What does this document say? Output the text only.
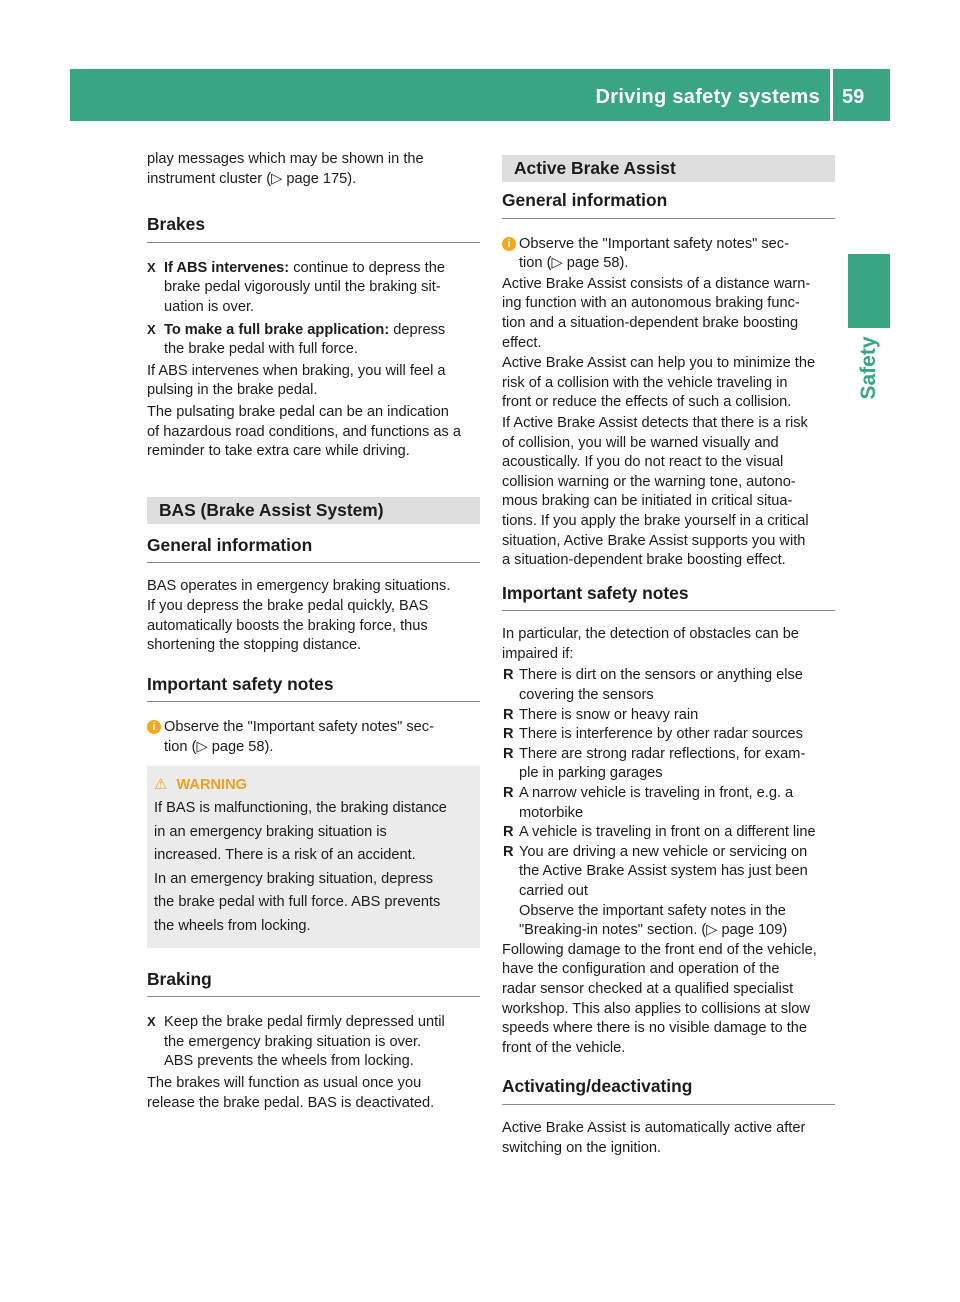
Driving safety systems 59
Safety

play messages which may be shown in the

instrument cluster (▷ page 175).

Brakes
X If ABS intervenes: continue to depress the

brake pedal vigorously until the braking sit-

uation is over.

X To make a full brake application: depress

the brake pedal with full force.

If ABS intervenes when braking, you will feel a

pulsing in the brake pedal.

The pulsating brake pedal can be an indication

of hazardous road conditions, and functions as a

reminder to take extra care while driving.

BAS (Brake Assist System)
General information

BAS operates in emergency braking situations.

If you depress the brake pedal quickly, BAS

automatically boosts the braking force, thus

shortening the stopping distance.

Important safety notes
i Observe the "Important safety notes" sec-

tion (▷ page 58).

⚠ WARNING

If BAS is malfunctioning, the braking distance

in an emergency braking situation is

increased. There is a risk of an accident.

In an emergency braking situation, depress

the brake pedal with full force. ABS prevents

the wheels from locking.

Braking
X Keep the brake pedal firmly depressed until

the emergency braking situation is over.

ABS prevents the wheels from locking.

The brakes will function as usual once you

release the brake pedal. BAS is deactivated.

Active Brake Assist
General information
i Observe the "Important safety notes" sec-

tion (▷ page 58).

Active Brake Assist consists of a distance warn-

ing function with an autonomous braking func-

tion and a situation-dependent brake boosting

effect.

Active Brake Assist can help you to minimize the

risk of a collision with the vehicle traveling in

front or reduce the effects of such a collision.

If Active Brake Assist detects that there is a risk

of collision, you will be warned visually and

acoustically. If you do not react to the visual

collision warning or the warning tone, autono-

mous braking can be initiated in critical situa-

tions. If you apply the brake yourself in a critical

situation, Active Brake Assist supports you with

a situation-dependent brake boosting effect.

Important safety notes

In particular, the detection of obstacles can be

impaired if:

R There is dirt on the sensors or anything else

covering the sensors

R There is snow or heavy rain

R There is interference by other radar sources

R There are strong radar reflections, for exam-

ple in parking garages

R A narrow vehicle is traveling in front, e.g. a

motorbike

R A vehicle is traveling in front on a different line

R You are driving a new vehicle or servicing on

the Active Brake Assist system has just been

carried out

Observe the important safety notes in the

"Breaking-in notes" section. (▷ page 109)

Following damage to the front end of the vehicle,

have the configuration and operation of the

radar sensor checked at a qualified specialist

workshop. This also applies to collisions at slow

speeds where there is no visible damage to the

front of the vehicle.

Activating/deactivating

Active Brake Assist is automatically active after

switching on the ignition.
